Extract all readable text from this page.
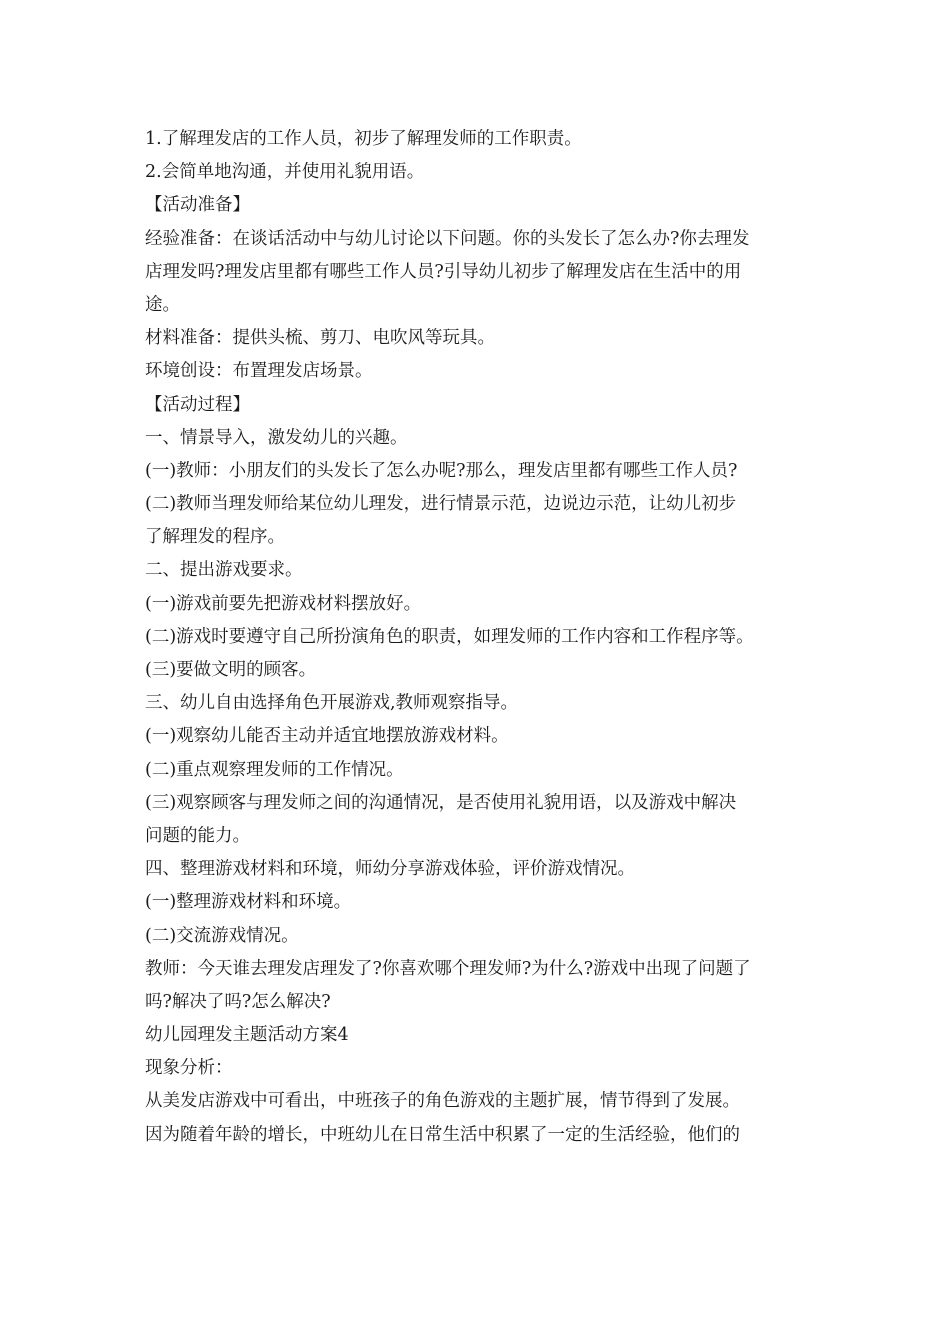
1.了解理发店的工作人员，初步了解理发师的工作职责。
2.会简单地沟通，并使用礼貌用语。
【活动准备】
经验准备：在谈话活动中与幼儿讨论以下问题。你的头发长了怎么办?你去理发
店理发吗?理发店里都有哪些工作人员?引导幼儿初步了解理发店在生活中的用
途。
材料准备：提供头梳、剪刀、电吹风等玩具。
环境创设：布置理发店场景。
【活动过程】
一、情景导入，激发幼儿的兴趣。
(一)教师：小朋友们的头发长了怎么办呢?那么，理发店里都有哪些工作人员?
(二)教师当理发师给某位幼儿理发，进行情景示范，边说边示范，让幼儿初步
了解理发的程序。
二、提出游戏要求。
(一)游戏前要先把游戏材料摆放好。
(二)游戏时要遵守自己所扮演角色的职责，如理发师的工作内容和工作程序等。
(三)要做文明的顾客。
三、幼儿自由选择角色开展游戏,教师观察指导。
(一)观察幼儿能否主动并适宜地摆放游戏材料。
(二)重点观察理发师的工作情况。
(三)观察顾客与理发师之间的沟通情况，是否使用礼貌用语，以及游戏中解决
问题的能力。
四、整理游戏材料和环境，师幼分享游戏体验，评价游戏情况。
(一)整理游戏材料和环境。
(二)交流游戏情况。
教师：今天谁去理发店理发了?你喜欢哪个理发师?为什么?游戏中出现了问题了
吗?解决了吗?怎么解决?
幼儿园理发主题活动方案4
现象分析：
从美发店游戏中可看出，中班孩子的角色游戏的主题扩展，情节得到了发展。
因为随着年龄的增长，中班幼儿在日常生活中积累了一定的生活经验，他们的
